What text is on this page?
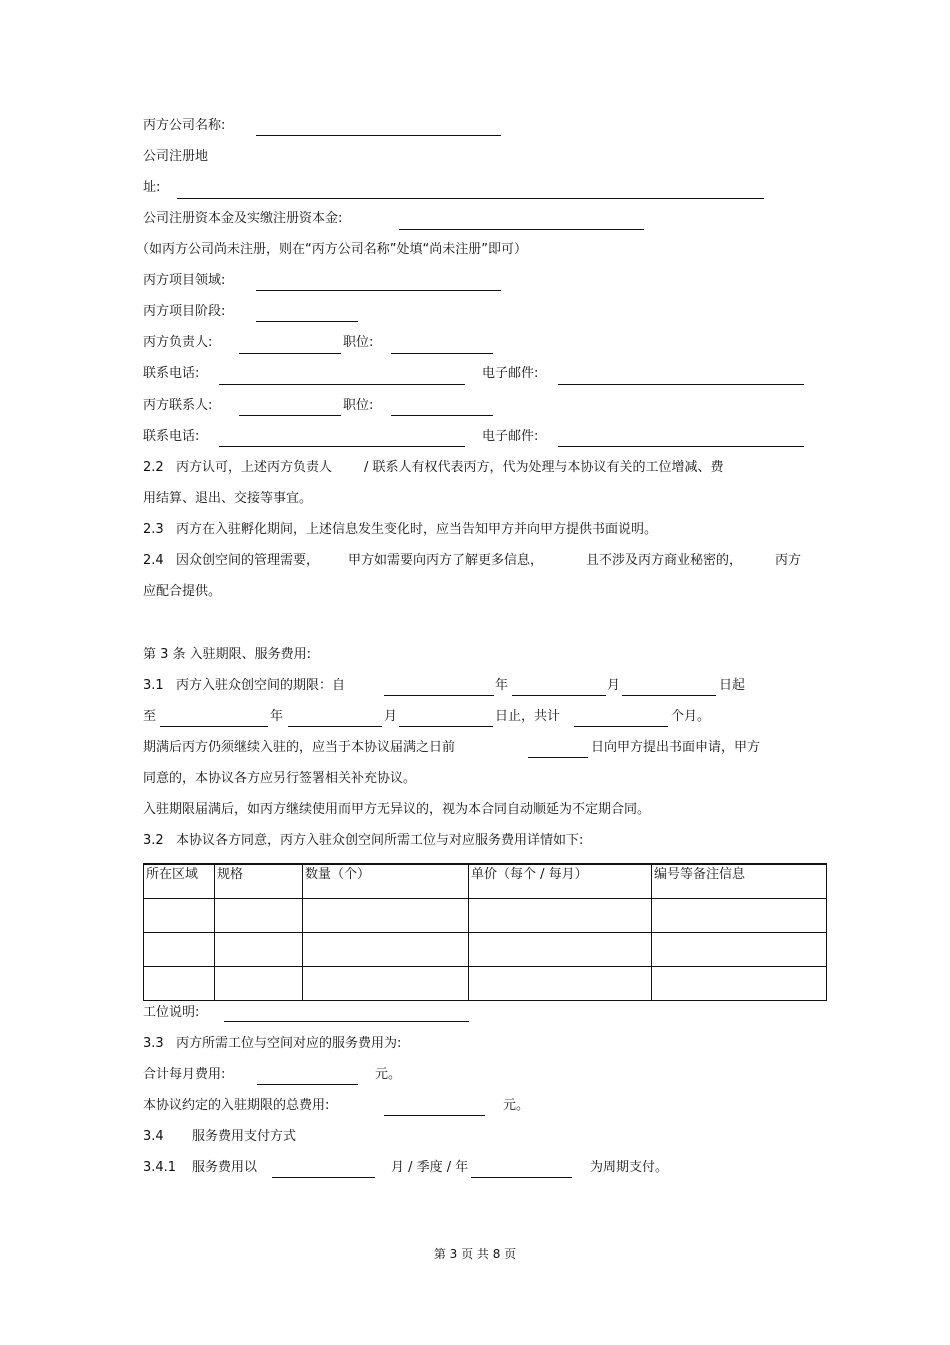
丙方公司名称:
公司注册地
址:
公司注册资本金及实缴注册资本金:
（如丙方公司尚未注册，则在“丙方公司名称”处填“尚未注册”即可）
丙方项目领域:
丙方项目阶段:
丙方负责人:	职位:
联系电话:	电子邮件:
丙方联系人:	职位:
联系电话:	电子邮件:
2.2 丙方认可，上述丙方负责人 / 联系人有权代表丙方，代为处理与本协议有关的工位增减、费
用结算、退出、交接等事宜。
2.3 丙方在入驻孵化期间，上述信息发生变化时，应当告知甲方并向甲方提供书面说明。
2.4 因众创空间的管理需要， 甲方如需要向丙方了解更多信息，	且不涉及丙方商业秘密的，	丙方
应配合提供。
第 3 条 入驻期限、服务费用:
3.1 丙方入驻众创空间的期限：自	年	月	日起
至	年	月	日止，共计	个月。
期满后丙方仍须继续入驻的，应当于本协议届满之日前	日向甲方提出书面申请，甲方
同意的，本协议各方应另行签署相关补充协议。
入驻期限届满后，如丙方继续使用而甲方无异议的，视为本合同自动顺延为不定期合同。
3.2 本协议各方同意，丙方入驻众创空间所需工位与对应服务费用详情如下:
所在区域	规格	数量（个）	单价（每个 / 每月）	编号等备注信息

工位说明:
3.3 丙方所需工位与空间对应的服务费用为:
合计每月费用:	元。
本协议约定的入驻期限的总费用:	元。
3.4 服务费用支付方式
3.4.1 服务费用以	月 / 季度 / 年	为周期支付。
第 3 页 共 8 页
